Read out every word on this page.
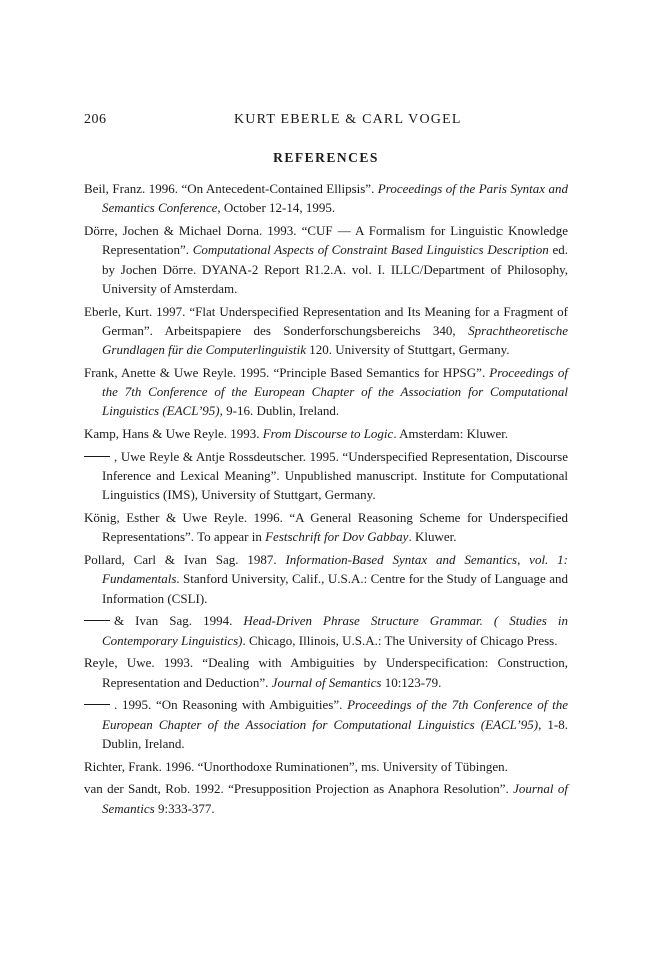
206	KURT EBERLE & CARL VOGEL
REFERENCES

Beil, Franz. 1996. “On Antecedent-Contained Ellipsis”. Proceedings of the Paris Syntax and Semantics Conference, October 12-14, 1995.

Dörre, Jochen & Michael Dorna. 1993. “CUF — A Formalism for Linguistic Knowledge Representation”. Computational Aspects of Constraint Based Linguistics Description ed. by Jochen Dörre. DYANA-2 Report R1.2.A. vol. I. ILLC/Department of Philosophy, University of Amsterdam.

Eberle, Kurt. 1997. “Flat Underspecified Representation and Its Meaning for a Fragment of German”. Arbeitspapiere des Sonderforschungsbereichs 340, Sprachtheoretische Grundlagen für die Computerlinguistik 120. University of Stuttgart, Germany.

Frank, Anette & Uwe Reyle. 1995. “Principle Based Semantics for HPSG”. Proceedings of the 7th Conference of the European Chapter of the Association for Computational Linguistics (EACL’95), 9-16. Dublin, Ireland.

Kamp, Hans & Uwe Reyle. 1993. From Discourse to Logic. Amsterdam: Kluwer.

, Uwe Reyle & Antje Rossdeutscher. 1995. “Underspecified Representation, Discourse Inference and Lexical Meaning”. Unpublished manuscript. Institute for Computational Linguistics (IMS), University of Stuttgart, Germany.

König, Esther & Uwe Reyle. 1996. “A General Reasoning Scheme for Underspecified Representations”. To appear in Festschrift for Dov Gabbay. Kluwer.

Pollard, Carl & Ivan Sag. 1987. Information-Based Syntax and Semantics, vol. 1: Fundamentals. Stanford University, Calif., U.S.A.: Centre for the Study of Language and Information (CSLI).

& Ivan Sag. 1994. Head-Driven Phrase Structure Grammar. ( Studies in Contemporary Linguistics). Chicago, Illinois, U.S.A.: The University of Chicago Press.

Reyle, Uwe. 1993. “Dealing with Ambiguities by Underspecification: Construction, Representation and Deduction”. Journal of Semantics 10:123-79.

. 1995. “On Reasoning with Ambiguities”. Proceedings of the 7th Conference of the European Chapter of the Association for Computational Linguistics (EACL’95), 1-8. Dublin, Ireland.

Richter, Frank. 1996. “Unorthodoxe Ruminationen”, ms. University of Tübingen.

van der Sandt, Rob. 1992. “Presupposition Projection as Anaphora Resolution”. Journal of Semantics 9:333-377.
